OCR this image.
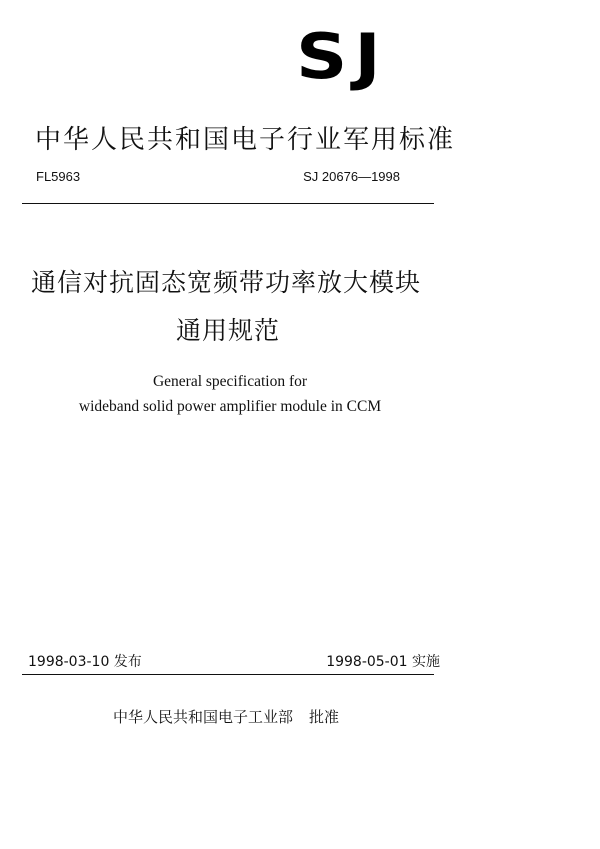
SJ
中华人民共和国电子行业军用标准
FL5963	SJ 20676—1998
通信对抗固态宽频带功率放大模块
通用规范
General specification for
wideband solid power amplifier module in CCM
1998-03-10 发布	1998-05-01 实施
中华人民共和国电子工业部 批准
